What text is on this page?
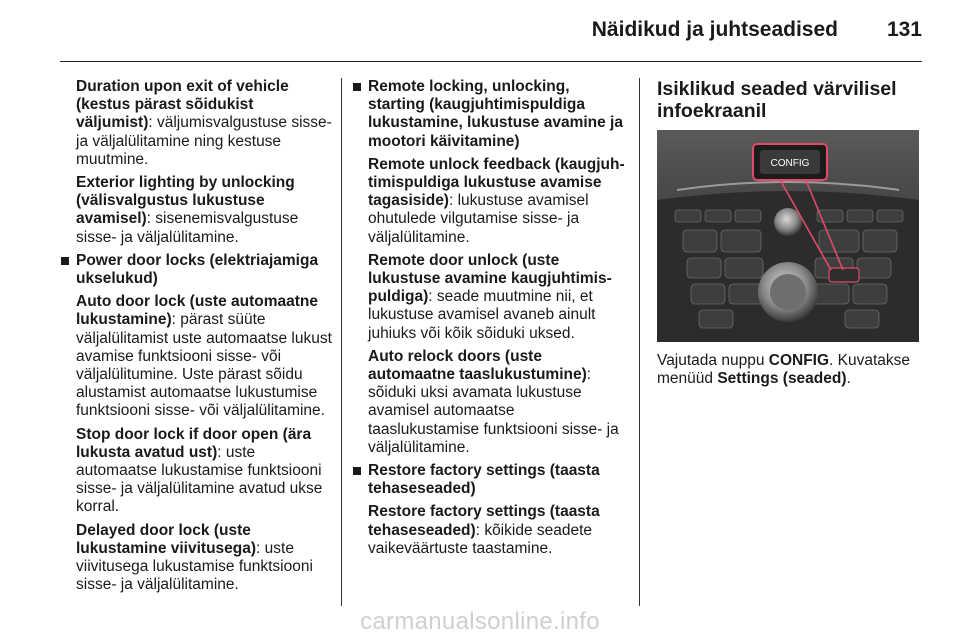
Näidikud ja juhtseadised 131

Duration upon exit of vehicle (kestus pärast sõidukist väljumist): väljumisvalgustuse sisse- ja väljalülitamine ning kestuse muutmine.

Exterior lighting by unlocking (välisvalgustus lukustuse avamisel): sisenemisvalgustuse sisse- ja väljalülitamine.

Power door locks (elektriajamiga ukselukud)

Auto door lock (uste automaatne lukustamine): pärast süüte väljalülitamist uste automaatse lukust avamise funktsiooni sisse- või väljalülitumine. Uste pärast sõidu alustamist automaatse lukustumise funktsiooni sisse- või väljalülitamine.

Stop door lock if door open (ära lukusta avatud ust): uste automaatse lukustamise funktsiooni sisse- ja väljalülitamine avatud ukse korral.

Delayed door lock (uste lukustamine viivitusega): uste viivitusega lukustamise funktsiooni sisse- ja väljalülitamine.

Remote locking, unlocking, starting (kaugjuhtimispuldiga lukustamine, lukustuse avamine ja mootori käivitamine)

Remote unlock feedback (kaugjuh-timispuldiga lukustuse avamise tagasiside): lukustuse avamisel ohutulede vilgutamise sisse- ja väljalülitamine.

Remote door unlock (uste lukustuse avamine kaugjuhtimis-puldiga): seade muutmine nii, et lukustuse avamisel avaneb ainult juhiuks või kõik sõiduki uksed.

Auto relock doors (uste automaatne taaslukustumine): sõiduki uksi avamata lukustuse avamisel automaatse taaslukustamise funktsiooni sisse- ja väljalülitamine.

Restore factory settings (taasta tehaseseaded)

Restore factory settings (taasta tehaseseaded): kõikide seadete vaikeväärtuste taastamine.

Isiklikud seaded värvilisel infoekraanil
CONFIG

Vajutada nuppu CONFIG. Kuvatakse menüüd Settings (seaded).

carmanualsonline.info
